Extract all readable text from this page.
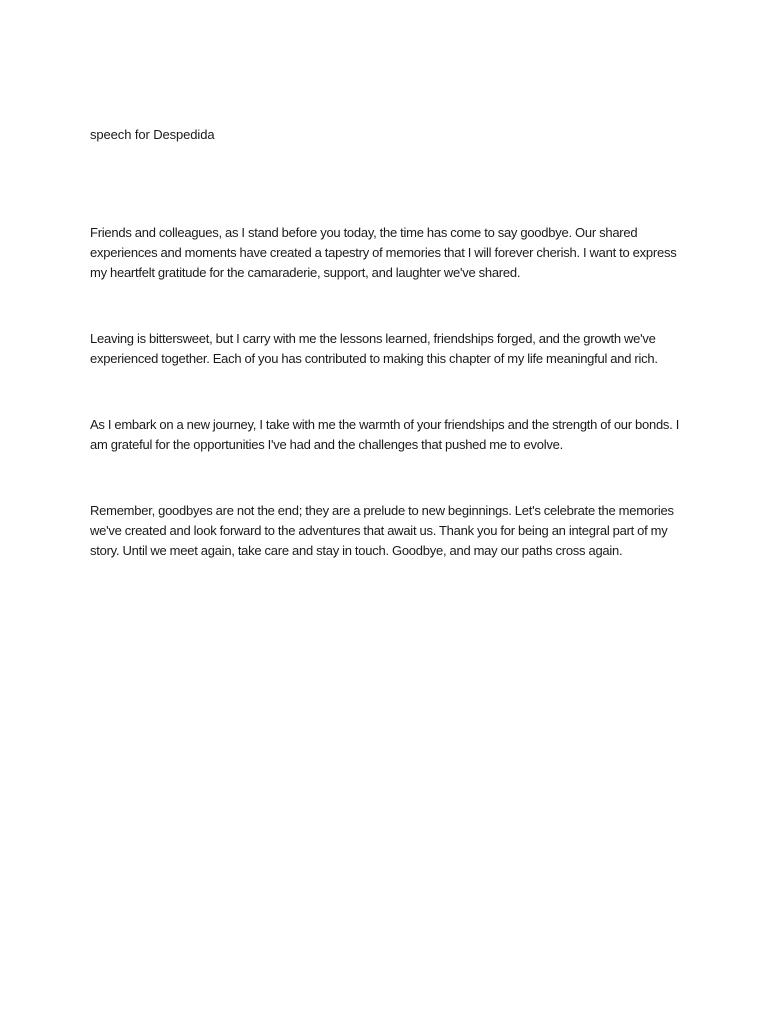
speech for Despedida

Friends and colleagues, as I stand before you today, the time has come to say goodbye. Our shared experiences and moments have created a tapestry of memories that I will forever cherish. I want to express my heartfelt gratitude for the camaraderie, support, and laughter we've shared.

Leaving is bittersweet, but I carry with me the lessons learned, friendships forged, and the growth we've experienced together. Each of you has contributed to making this chapter of my life meaningful and rich.

As I embark on a new journey, I take with me the warmth of your friendships and the strength of our bonds. I am grateful for the opportunities I've had and the challenges that pushed me to evolve.

Remember, goodbyes are not the end; they are a prelude to new beginnings. Let's celebrate the memories we've created and look forward to the adventures that await us. Thank you for being an integral part of my story. Until we meet again, take care and stay in touch. Goodbye, and may our paths cross again.
